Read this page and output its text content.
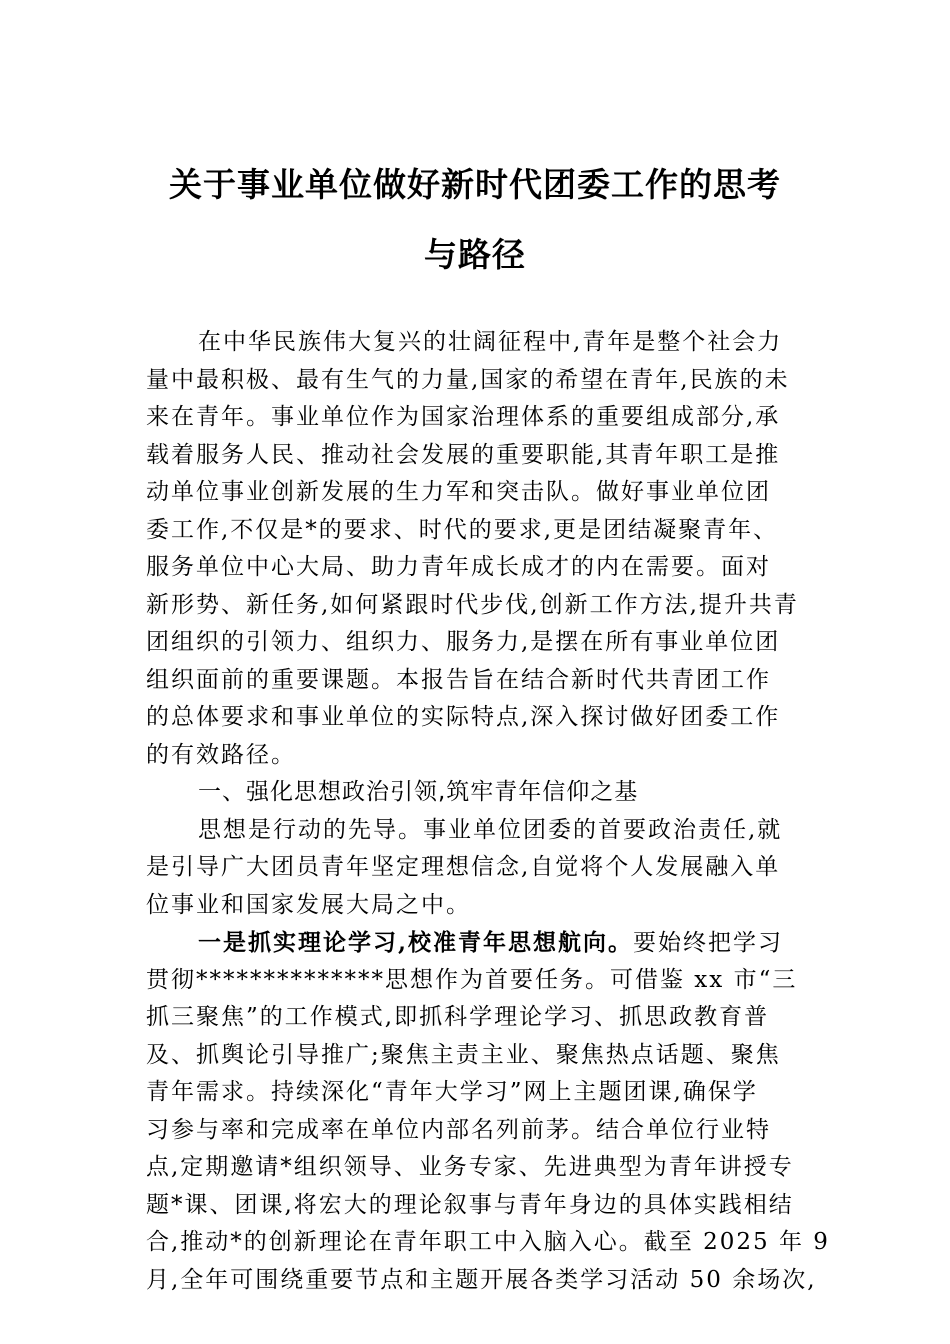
关于事业单位做好新时代团委工作的思考
与路径
在中华民族伟大复兴的壮阔征程中,青年是整个社会力
量中最积极、最有生气的力量,国家的希望在青年,民族的未
来在青年。事业单位作为国家治理体系的重要组成部分,承
载着服务人民、推动社会发展的重要职能,其青年职工是推
动单位事业创新发展的生力军和突击队。做好事业单位团
委工作,不仅是*的要求、时代的要求,更是团结凝聚青年、
服务单位中心大局、助力青年成长成才的内在需要。面对
新形势、新任务,如何紧跟时代步伐,创新工作方法,提升共青
团组织的引领力、组织力、服务力,是摆在所有事业单位团
组织面前的重要课题。本报告旨在结合新时代共青团工作
的总体要求和事业单位的实际特点,深入探讨做好团委工作
的有效路径。
一、强化思想政治引领,筑牢青年信仰之基
思想是行动的先导。事业单位团委的首要政治责任,就
是引导广大团员青年坚定理想信念,自觉将个人发展融入单
位事业和国家发展大局之中。
一是抓实理论学习,校准青年思想航向。要始终把学习
贯彻**************思想作为首要任务。可借鉴 xx 市“三
抓三聚焦”的工作模式,即抓科学理论学习、抓思政教育普
及、抓舆论引导推广;聚焦主责主业、聚焦热点话题、聚焦
青年需求。持续深化“青年大学习”网上主题团课,确保学
习参与率和完成率在单位内部名列前茅。结合单位行业特
点,定期邀请*组织领导、业务专家、先进典型为青年讲授专
题*课、团课,将宏大的理论叙事与青年身边的具体实践相结
合,推动*的创新理论在青年职工中入脑入心。截至 2025 年 9
月,全年可围绕重要节点和主题开展各类学习活动 50 余场次,
